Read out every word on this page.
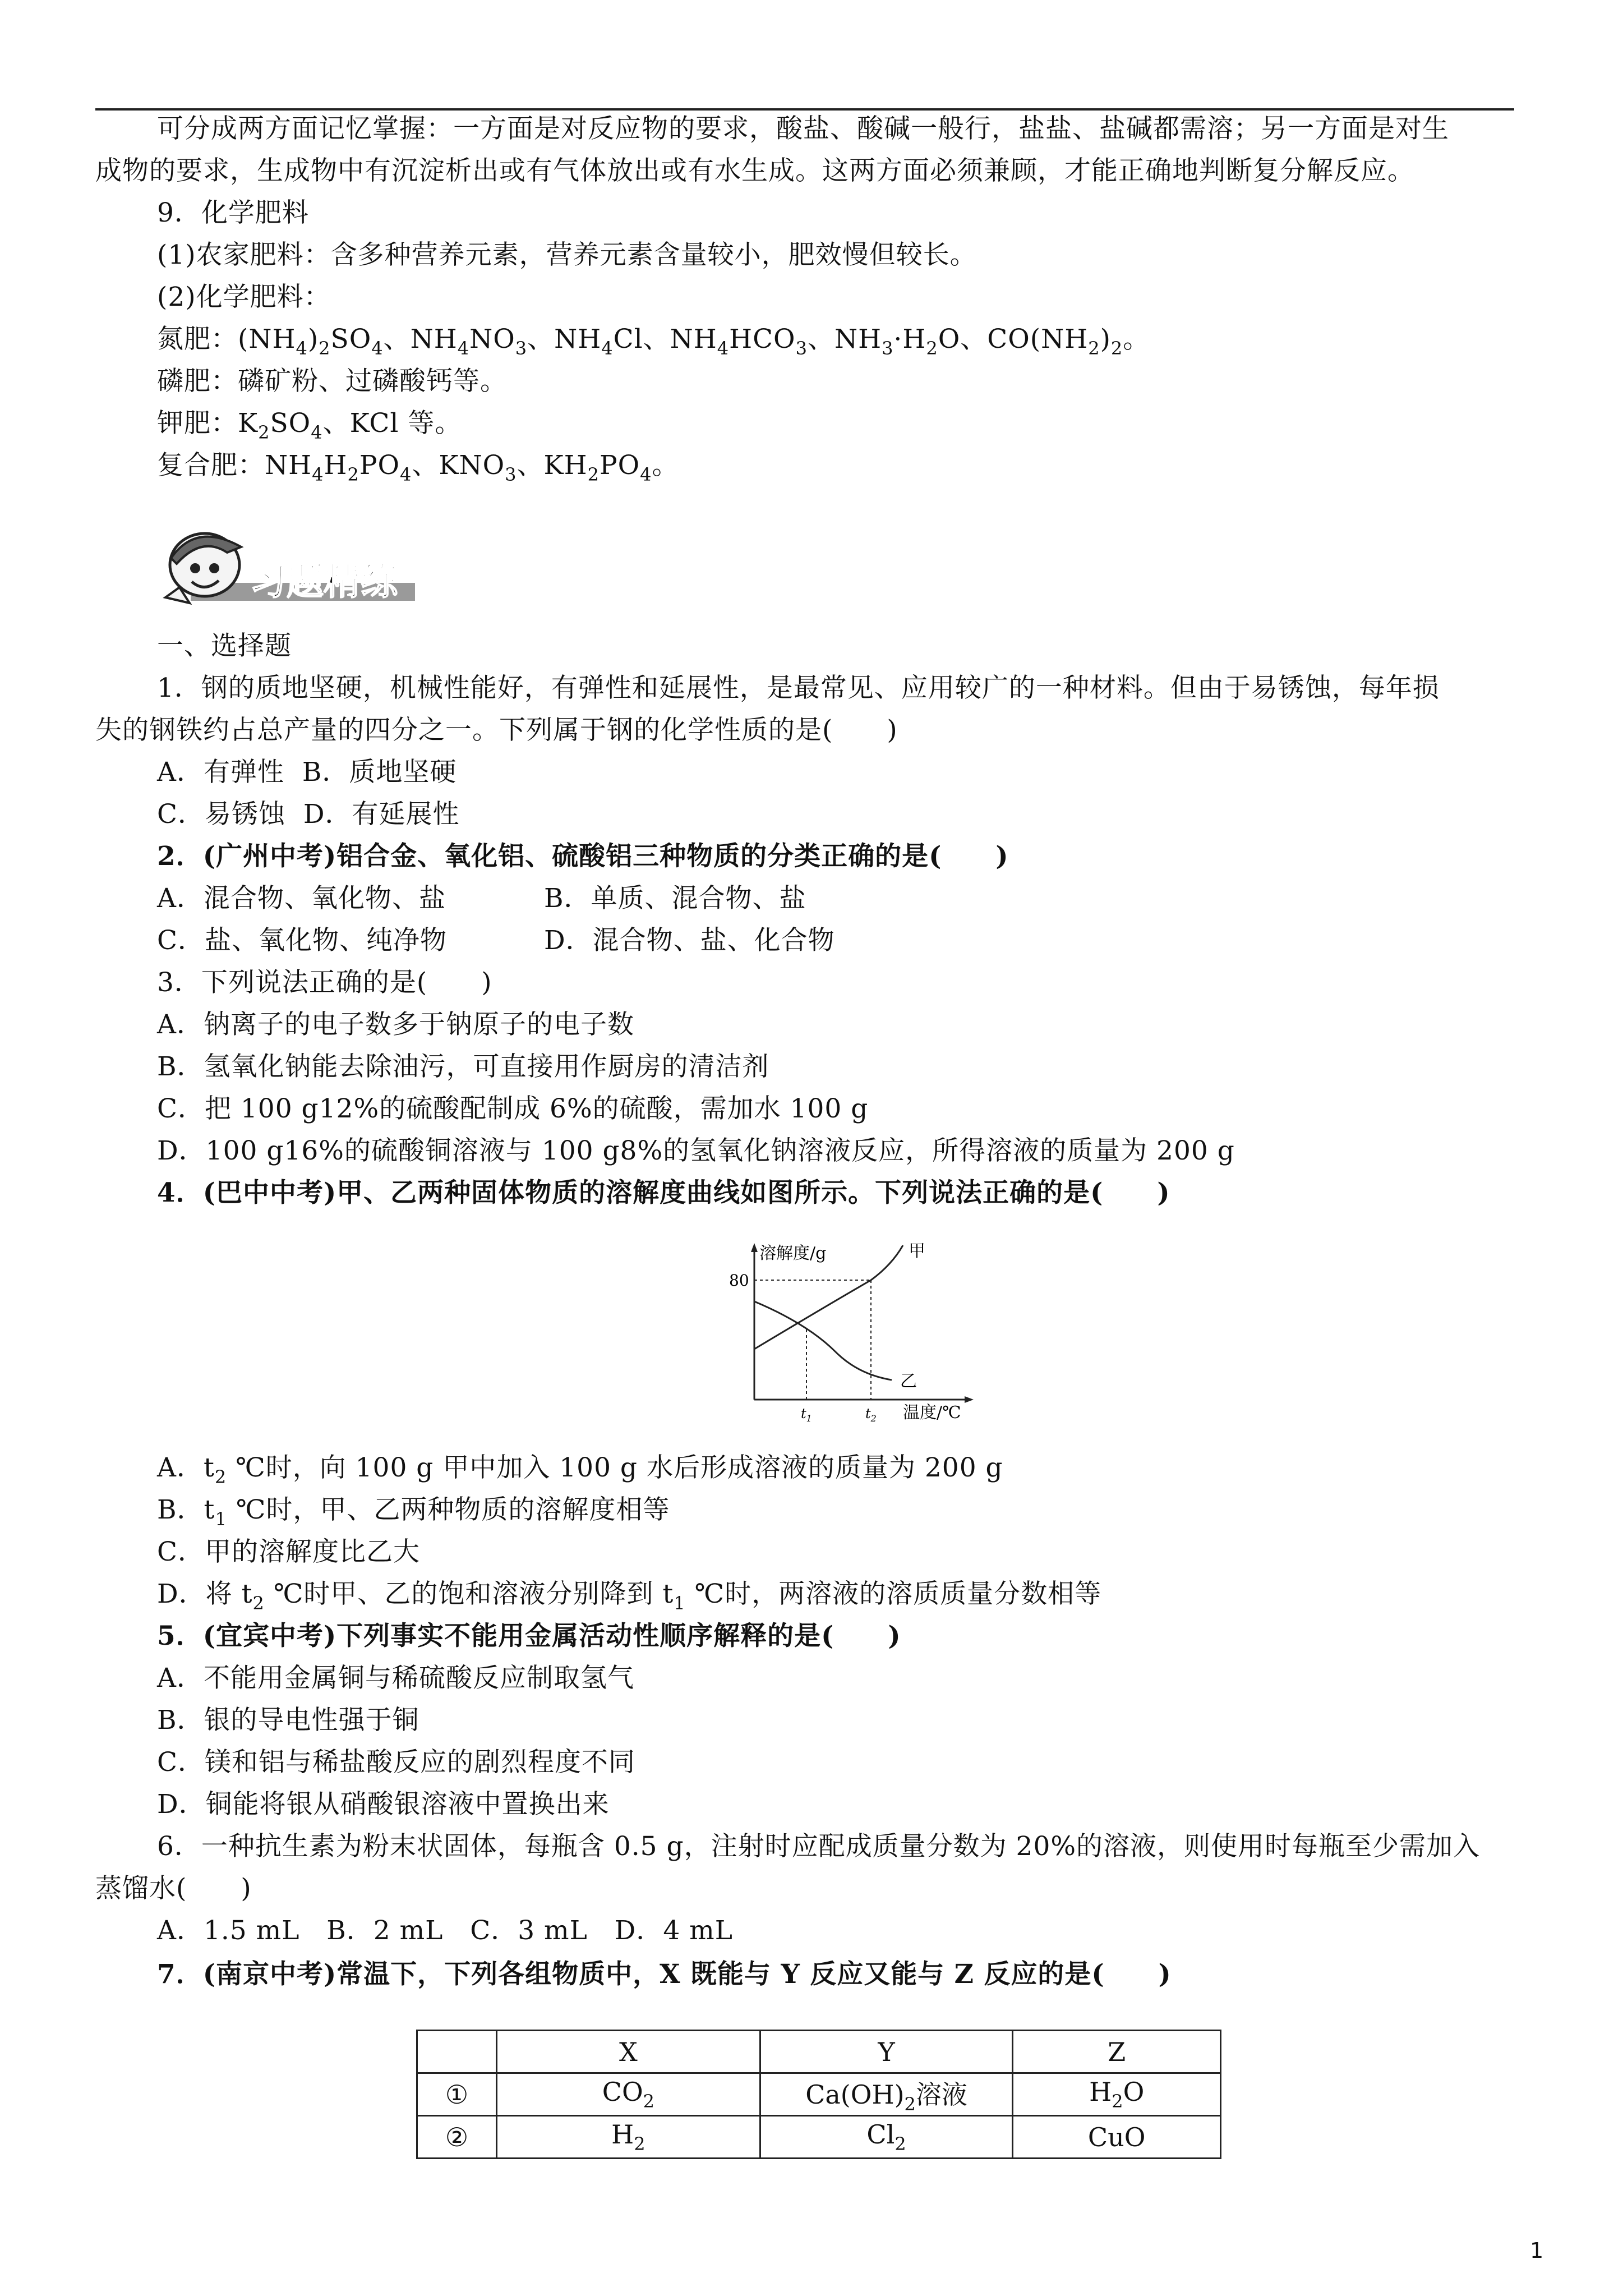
可分成两方面记忆掌握：一方面是对反应物的要求，酸盐、酸碱一般行，盐盐、盐碱都需溶；另一方面是对生
成物的要求，生成物中有沉淀析出或有气体放出或有水生成。这两方面必须兼顾，才能正确地判断复分解反应。
9．化学肥料
(1)农家肥料：含多种营养元素，营养元素含量较小，肥效慢但较长。
(2)化学肥料：
氮肥：$(NH_4)_2SO_4$、$NH_4NO_3$、$NH_4Cl$、$NH_4HCO_3$、$NH_3\cdot H_2O$、$CO(NH_2)_2$。
磷肥：磷矿粉、过磷酸钙等。
钾肥：$K_2SO_4$、KCl 等。
复合肥：$NH_4H_2PO_4$、$KNO_3$、$KH_2PO_4$。
习题精练
一、选择题
1．钢的质地坚硬，机械性能好，有弹性和延展性，是最常见、应用较广的一种材料。但由于易锈蚀，每年损
失的钢铁约占总产量的四分之一。下列属于钢的化学性质的是(　　)
A．有弹性 B．质地坚硬
C．易锈蚀 D．有延展性
2．(广州中考)铝合金、氧化铝、硫酸铝三种物质的分类正确的是(　　)
A．混合物、氧化物、盐	B．单质、混合物、盐
C．盐、氧化物、纯净物	D．混合物、盐、化合物
3．下列说法正确的是(　　)
A．钠离子的电子数多于钠原子的电子数
B．氢氧化钠能去除油污，可直接用作厨房的清洁剂
C．把 100 g12%的硫酸配制成 6%的硫酸，需加水 100 g
D．100 g16%的硫酸铜溶液与 100 g8%的氢氧化钠溶液反应，所得溶液的质量为 200 g
4．(巴中中考)甲、乙两种固体物质的溶解度曲线如图所示。下列说法正确的是(　　)
溶解度/g
温度/℃
80
甲
乙
$t_1$	$t_2$
A．$t_2$ ℃时，向 100 g 甲中加入 100 g 水后形成溶液的质量为 200 g
B．$t_1$ ℃时，甲、乙两种物质的溶解度相等
C．甲的溶解度比乙大
D．将 $t_2$ ℃时甲、乙的饱和溶液分别降到 $t_1$ ℃时，两溶液的溶质质量分数相等
5．(宜宾中考)下列事实不能用金属活动性顺序解释的是(　　)
A．不能用金属铜与稀硫酸反应制取氢气
B．银的导电性强于铜
C．镁和铝与稀盐酸反应的剧烈程度不同
D．铜能将银从硝酸银溶液中置换出来
6．一种抗生素为粉末状固体，每瓶含 0.5 g，注射时应配成质量分数为 20%的溶液，则使用时每瓶至少需加入
蒸馏水(　　)
A．1.5 mL B．2 mL C．3 mL D．4 mL
7．(南京中考)常温下，下列各组物质中，X 既能与 Y 反应又能与 Z 反应的是(　　)
	X	Y	Z
①	$CO_2$	$Ca(OH)_2$溶液	$H_2O$
②	$H_2$	$Cl_2$	CuO
1
